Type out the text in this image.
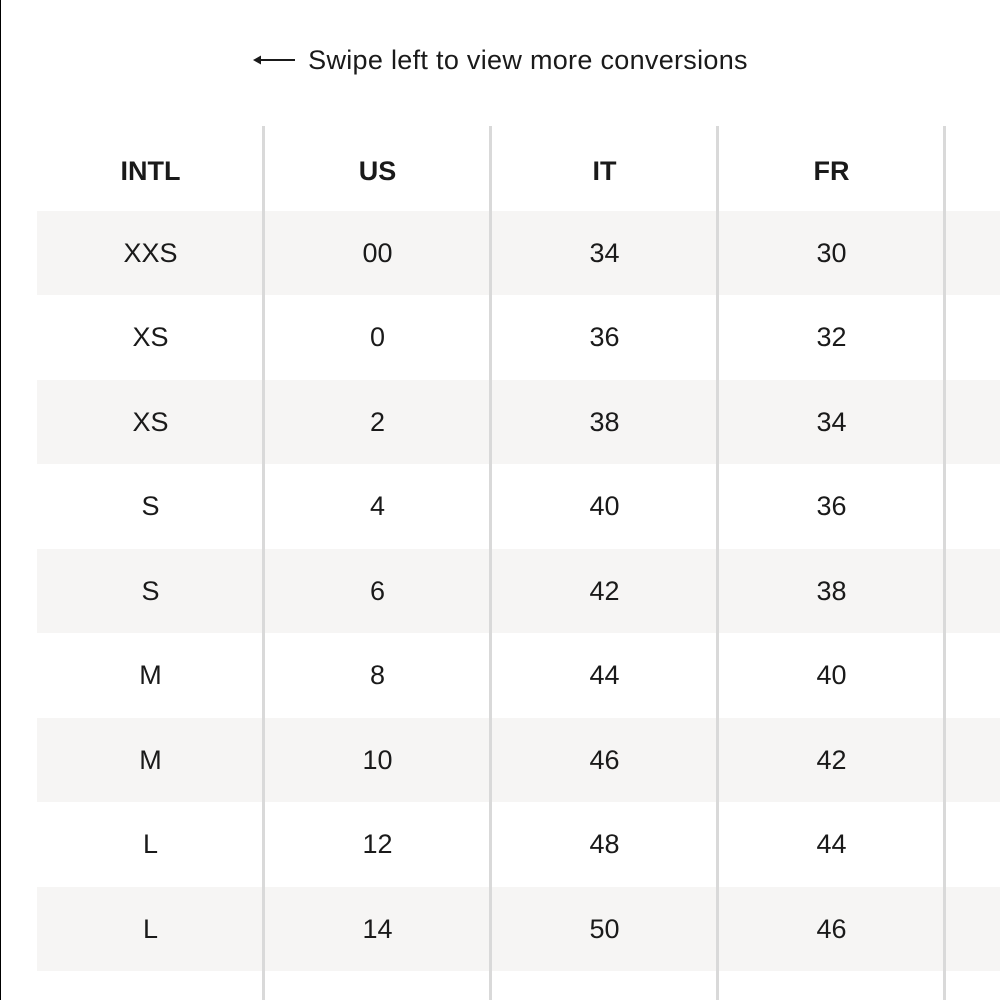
Swipe left to view more conversions
INTL	US	IT	FR
XXS	00	34	30
XS	0	36	32
XS	2	38	34
S	4	40	36
S	6	42	38
M	8	44	40
M	10	46	42
L	12	48	44
L	14	50	46
